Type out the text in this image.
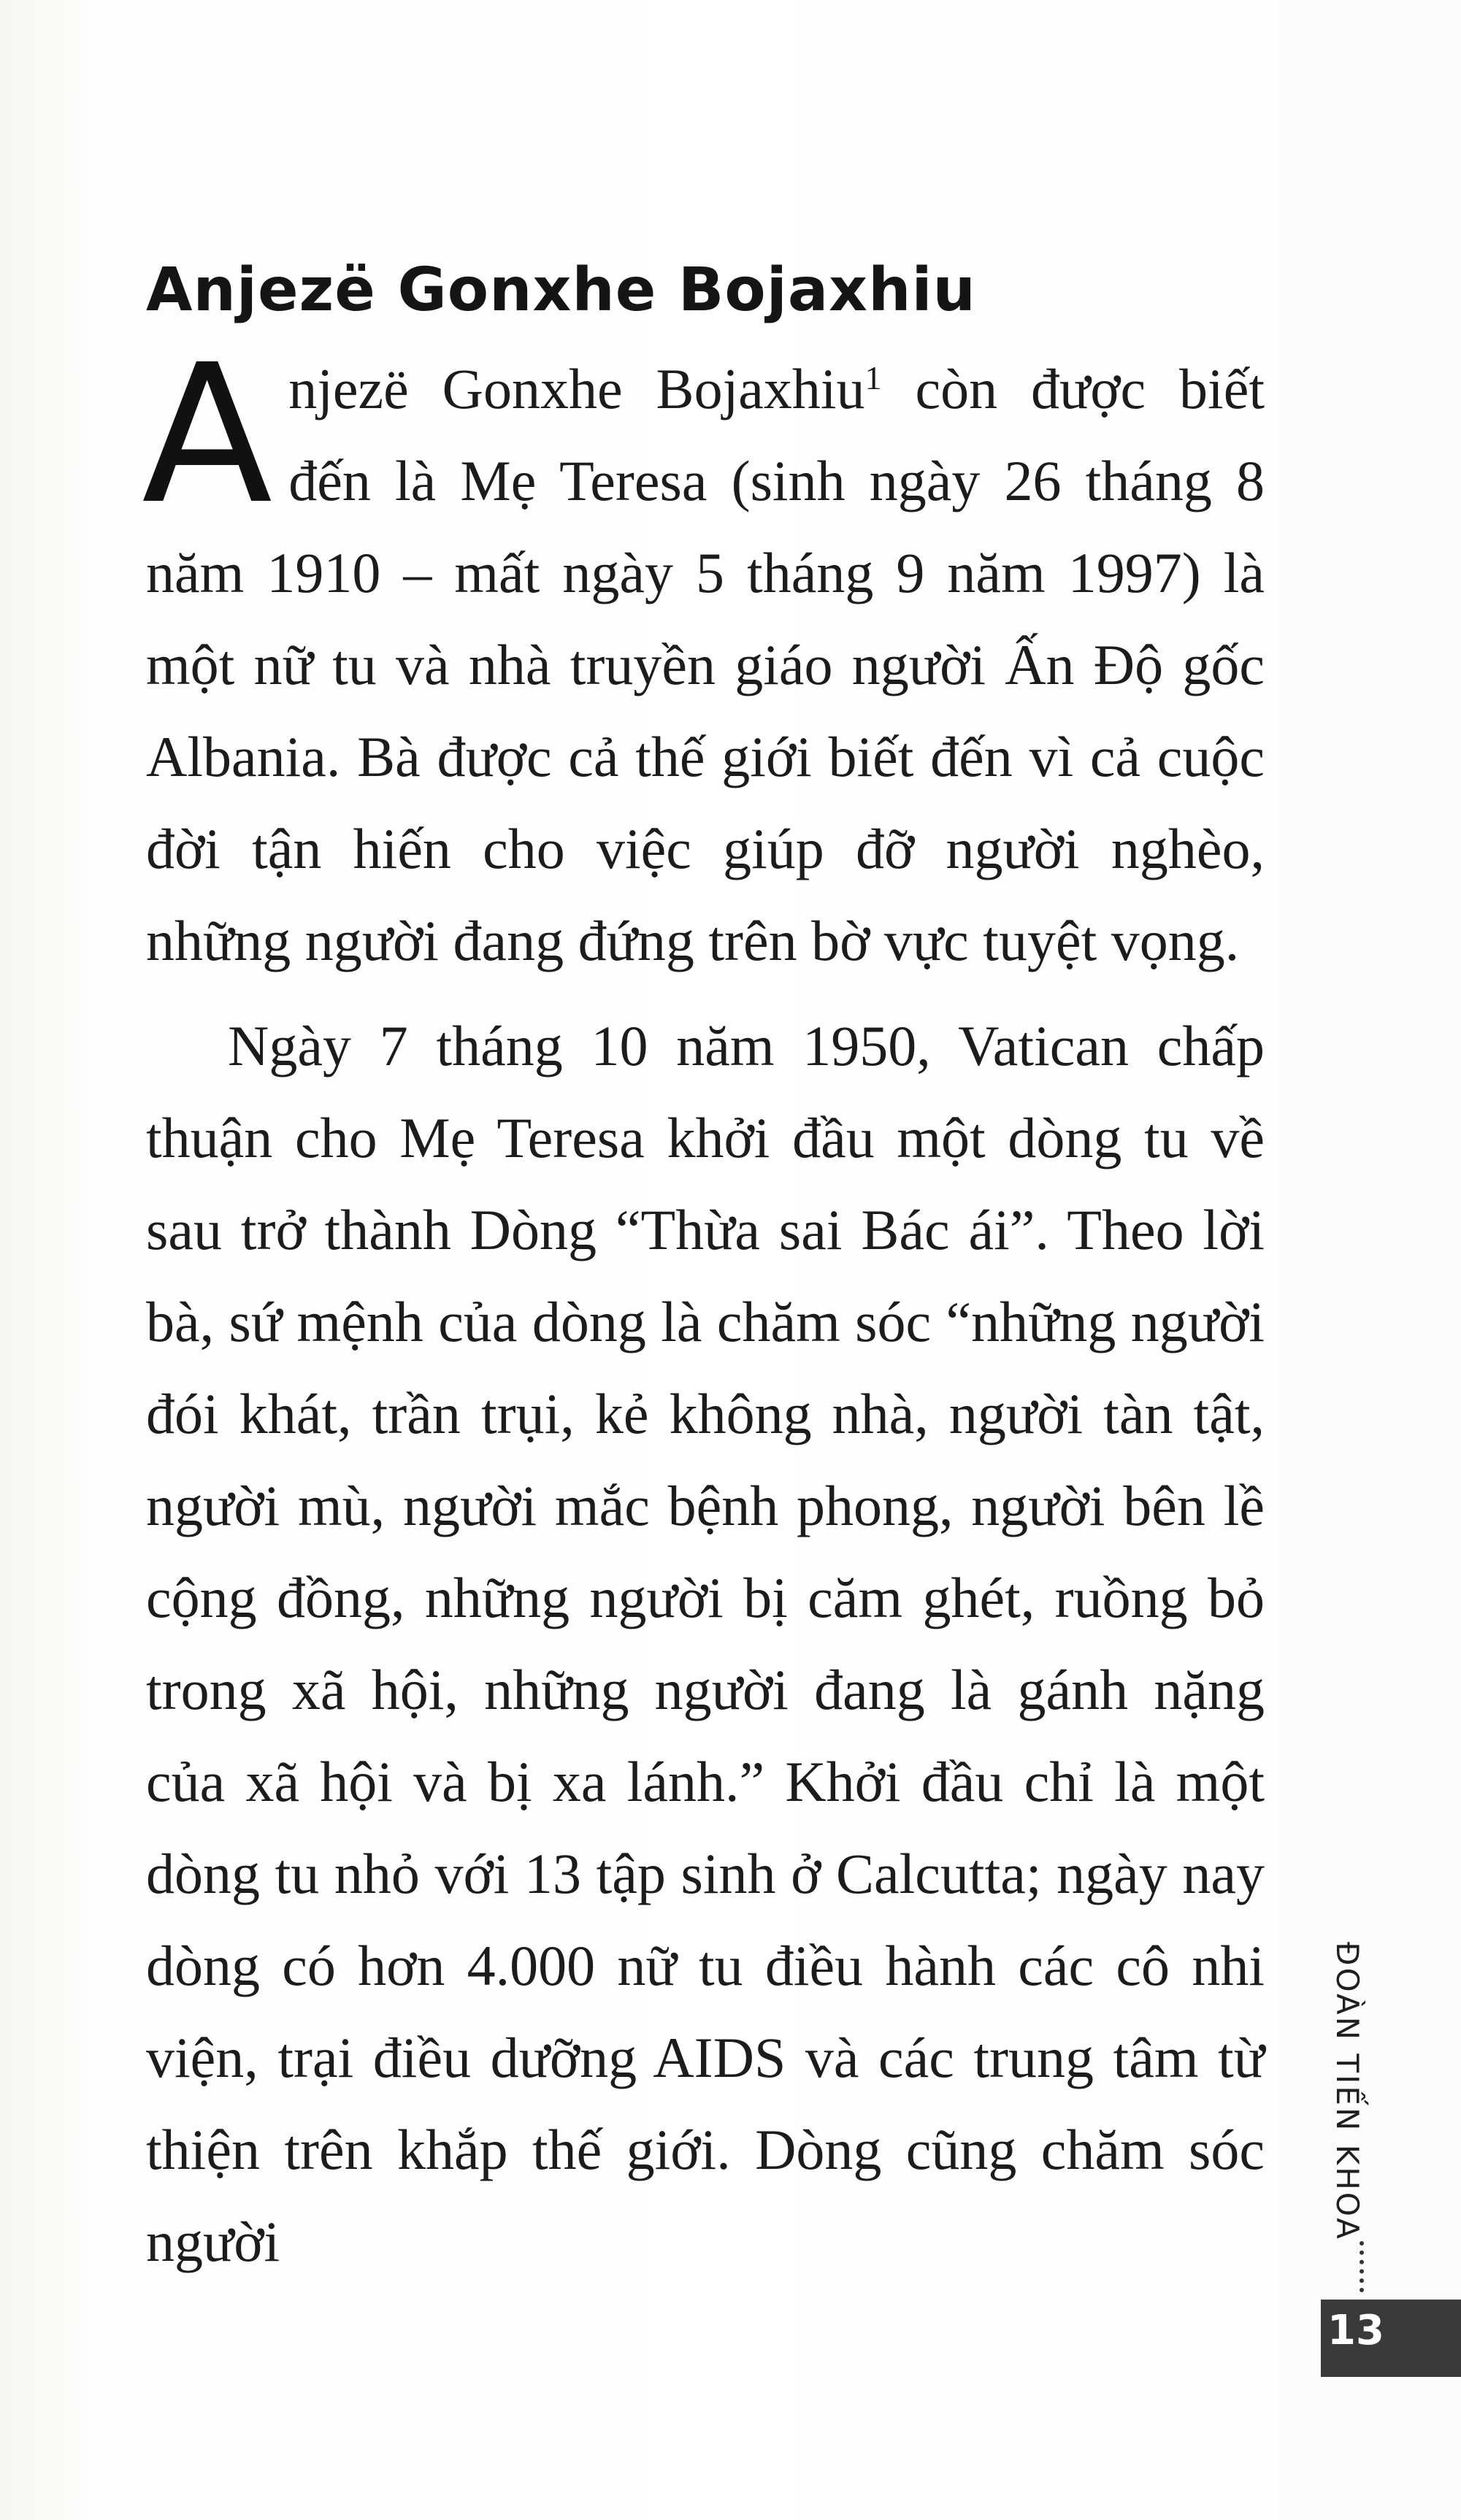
Anjezë Gonxhe Bojaxhiu
Anjezë Gonxhe Bojaxhiu$^1$ còn được biết đến là Mẹ Teresa (sinh ngày 26 tháng 8 năm 1910 – mất ngày 5 tháng 9 năm 1997) là một nữ tu và nhà truyền giáo người Ấn Độ gốc Albania. Bà được cả thế giới biết đến vì cả cuộc đời tận hiến cho việc giúp đỡ người nghèo, những người đang đứng trên bờ vực tuyệt vọng.
Ngày 7 tháng 10 năm 1950, Vatican chấp thuận cho Mẹ Teresa khởi đầu một dòng tu về sau trở thành Dòng “Thừa sai Bác ái”. Theo lời bà, sứ mệnh của dòng là chăm sóc “những người đói khát, trần trụi, kẻ không nhà, người tàn tật, người mù, người mắc bệnh phong, người bên lề cộng đồng, những người bị căm ghét, ruồng bỏ trong xã hội, những người đang là gánh nặng của xã hội và bị xa lánh.” Khởi đầu chỉ là một dòng tu nhỏ với 13 tập sinh ở Calcutta; ngày nay dòng có hơn 4.000 nữ tu điều hành các cô nhi viện, trại điều dưỡng AIDS và các trung tâm từ thiện trên khắp thế giới. Dòng cũng chăm sóc người
ĐOÀN TIẾN KHOA
13
